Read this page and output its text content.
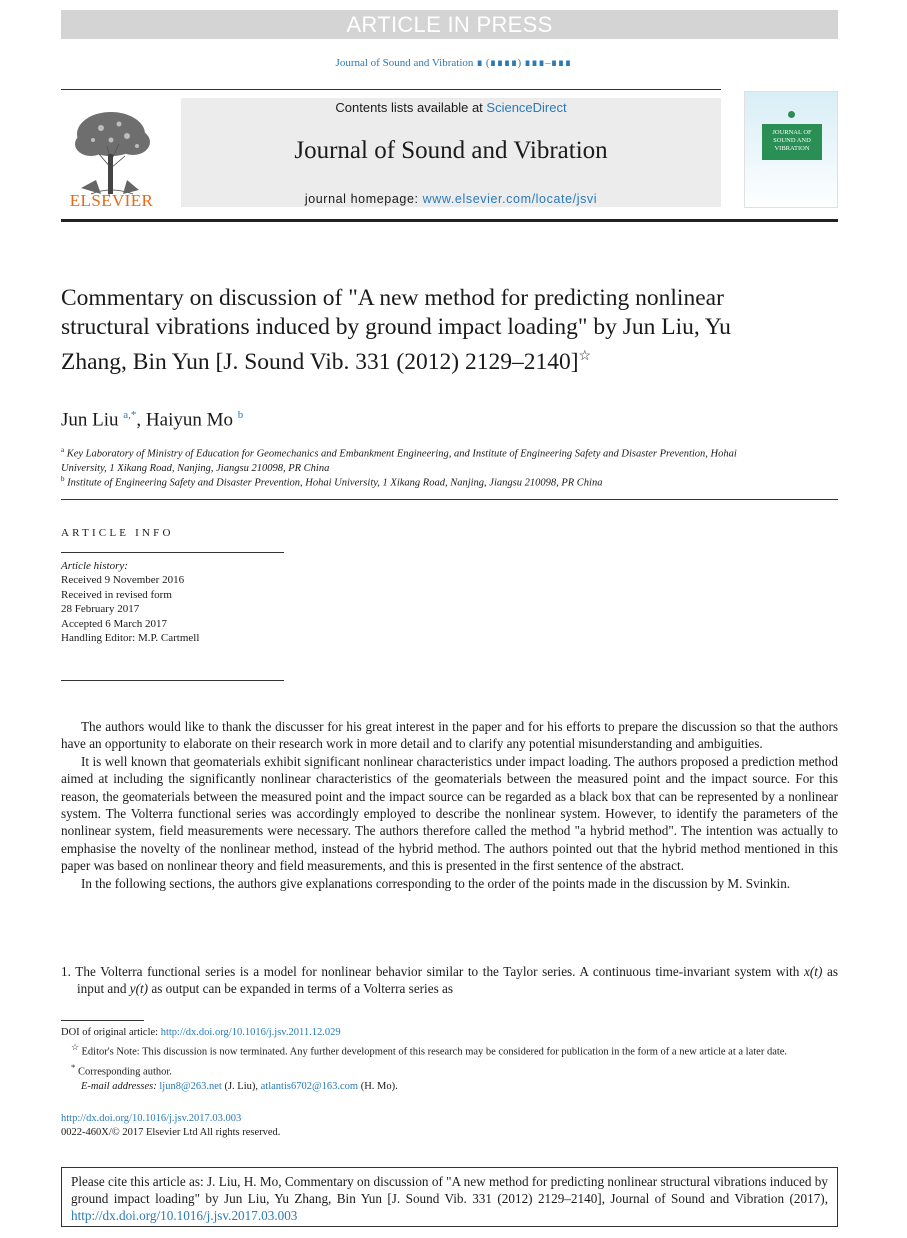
ARTICLE IN PRESS
Journal of Sound and Vibration ∎ (∎∎∎∎) ∎∎∎–∎∎∎
ELSEVIER
Contents lists available at ScienceDirect
Journal of Sound and Vibration
journal homepage: www.elsevier.com/locate/jsvi
JOURNAL OF SOUND AND VIBRATION
Commentary on discussion of "A new method for predicting nonlinear structural vibrations induced by ground impact loading" by Jun Liu, Yu Zhang, Bin Yun [J. Sound Vib. 331 (2012) 2129–2140]☆
Jun Liu $^{a,*}$, Haiyun Mo $^b$
$^a$ Key Laboratory of Ministry of Education for Geomechanics and Embankment Engineering, and Institute of Engineering Safety and Disaster Prevention, Hohai University, 1 Xikang Road, Nanjing, Jiangsu 210098, PR China
$^b$ Institute of Engineering Safety and Disaster Prevention, Hohai University, 1 Xikang Road, Nanjing, Jiangsu 210098, PR China
ARTICLE INFO
Article history:
Received 9 November 2016
Received in revised form
28 February 2017
Accepted 6 March 2017
Handling Editor: M.P. Cartmell

The authors would like to thank the discusser for his great interest in the paper and for his efforts to prepare the discussion so that the authors have an opportunity to elaborate on their research work in more detail and to clarify any potential misunderstanding and ambiguities.

It is well known that geomaterials exhibit significant nonlinear characteristics under impact loading. The authors proposed a prediction method aimed at including the significantly nonlinear characteristics of the geomaterials between the measured point and the impact source. For this reason, the geomaterials between the measured point and the impact source can be regarded as a black box that can be represented by a nonlinear system. The Volterra functional series was accordingly employed to describe the nonlinear system. However, to identify the parameters of the nonlinear system, field measurements were necessary. The authors therefore called the method "a hybrid method". The intention was actually to emphasise the novelty of the nonlinear method, instead of the hybrid method. The authors pointed out that the hybrid method mentioned in this paper was based on nonlinear theory and field measurements, and this is presented in the first sentence of the abstract.

In the following sections, the authors give explanations corresponding to the order of the points made in the discussion by M. Svinkin.

1. The Volterra functional series is a model for nonlinear behavior similar to the Taylor series. A continuous time-invariant system with x(t) as input and y(t) as output can be expanded in terms of a Volterra series as
DOI of original article: http://dx.doi.org/10.1016/j.jsv.2011.12.029
☆ Editor's Note: This discussion is now terminated. Any further development of this research may be considered for publication in the form of a new article at a later date.
* Corresponding author.
E-mail addresses: ljun8@263.net (J. Liu), atlantis6702@163.com (H. Mo).
http://dx.doi.org/10.1016/j.jsv.2017.03.003
0022-460X/© 2017 Elsevier Ltd All rights reserved.
Please cite this article as: J. Liu, H. Mo, Commentary on discussion of "A new method for predicting nonlinear structural vibrations induced by ground impact loading" by Jun Liu, Yu Zhang, Bin Yun [J. Sound Vib. 331 (2012) 2129–2140], Journal of Sound and Vibration (2017), http://dx.doi.org/10.1016/j.jsv.2017.03.003
